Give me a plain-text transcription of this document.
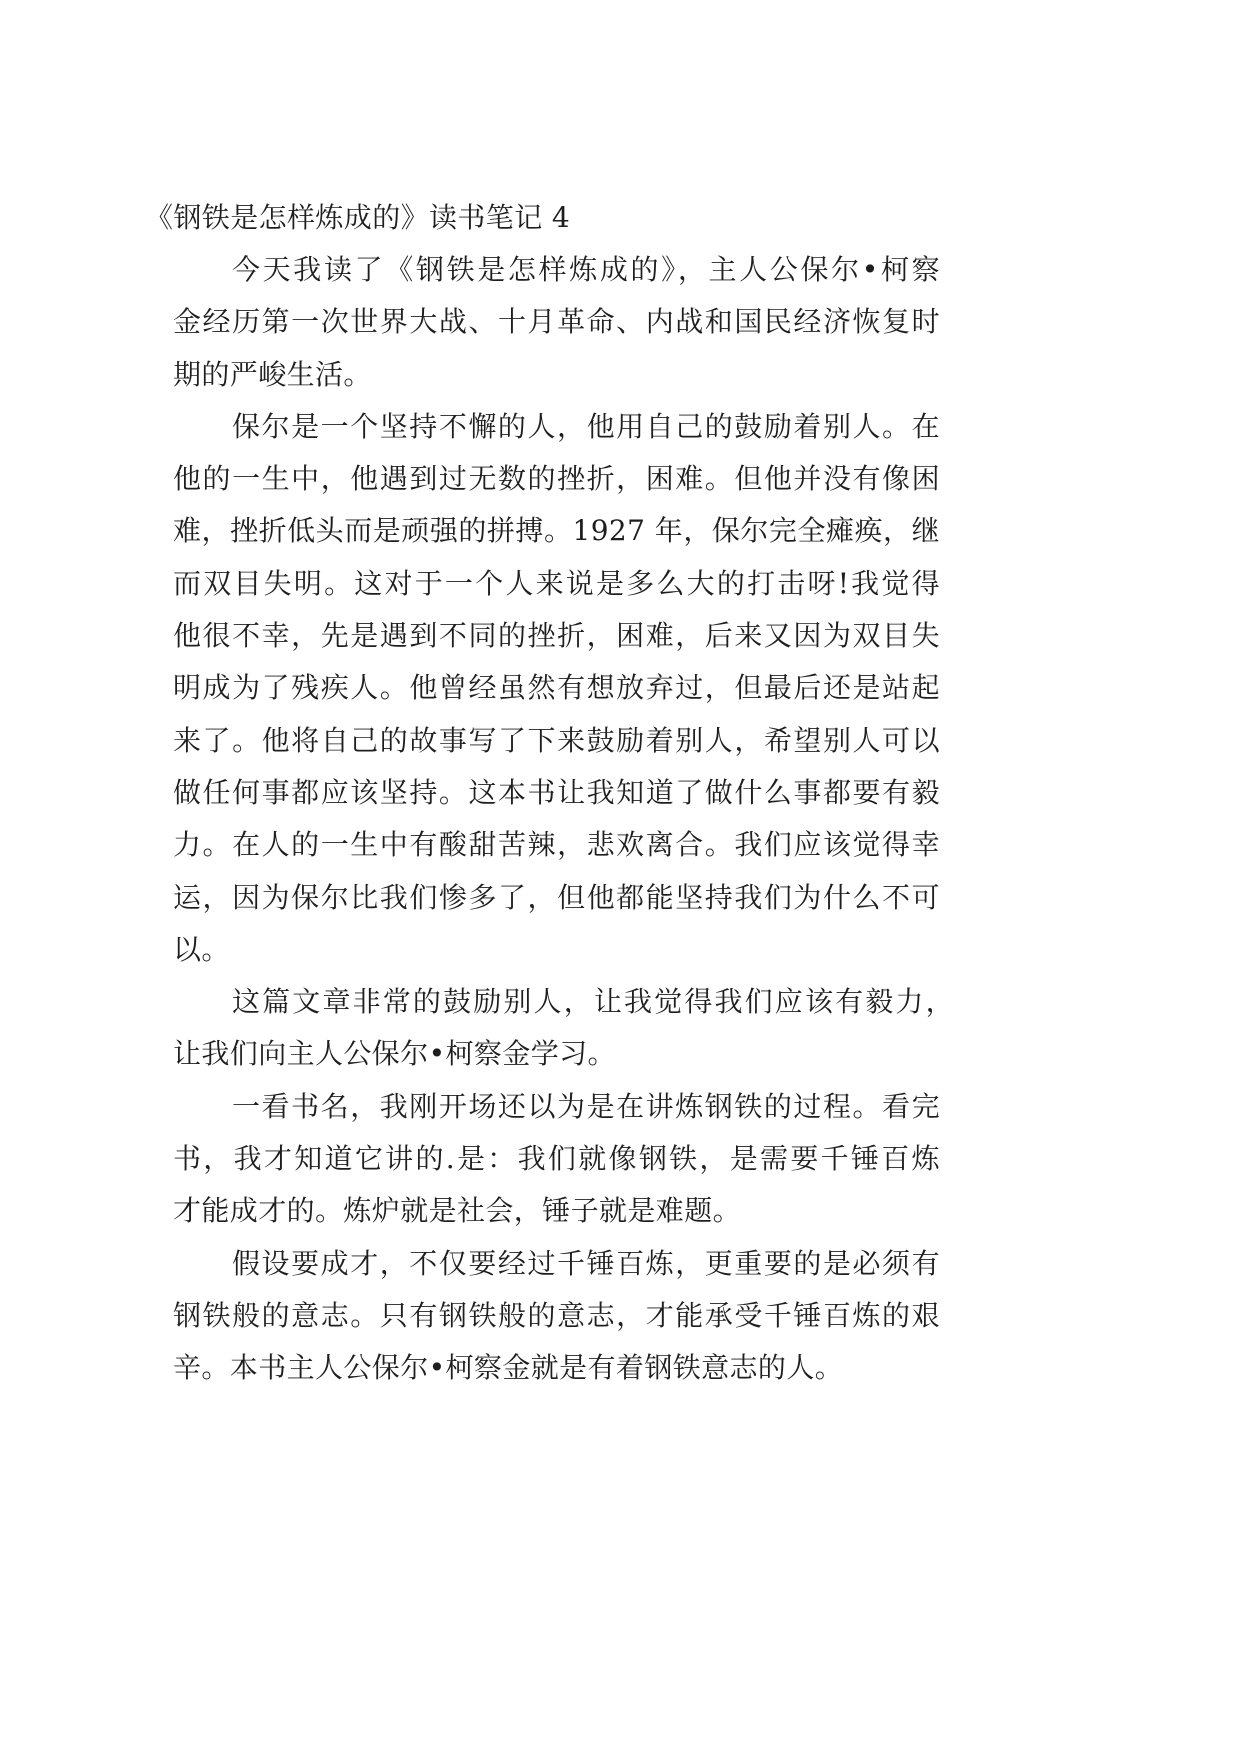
《钢铁是怎样炼成的》读书笔记 4
今天我读了《钢铁是怎样炼成的》，主人公保尔•柯察
金经历第一次世界大战、十月革命、内战和国民经济恢复时
期的严峻生活。
保尔是一个坚持不懈的人，他用自己的鼓励着别人。在
他的一生中，他遇到过无数的挫折，困难。但他并没有像困
难，挫折低头而是顽强的拼搏。1927 年，保尔完全瘫痪，继
而双目失明。这对于一个人来说是多么大的打击呀!我觉得
他很不幸，先是遇到不同的挫折，困难，后来又因为双目失
明成为了残疾人。他曾经虽然有想放弃过，但最后还是站起
来了。他将自己的故事写了下来鼓励着别人，希望别人可以
做任何事都应该坚持。这本书让我知道了做什么事都要有毅
力。在人的一生中有酸甜苦辣，悲欢离合。我们应该觉得幸
运，因为保尔比我们惨多了，但他都能坚持我们为什么不可
以。
这篇文章非常的鼓励别人，让我觉得我们应该有毅力，
让我们向主人公保尔•柯察金学习。
一看书名，我刚开场还以为是在讲炼钢铁的过程。看完
书，我才知道它讲的.是：我们就像钢铁，是需要千锤百炼
才能成才的。炼炉就是社会，锤子就是难题。
假设要成才，不仅要经过千锤百炼，更重要的是必须有
钢铁般的意志。只有钢铁般的意志，才能承受千锤百炼的艰
辛。本书主人公保尔•柯察金就是有着钢铁意志的人。
